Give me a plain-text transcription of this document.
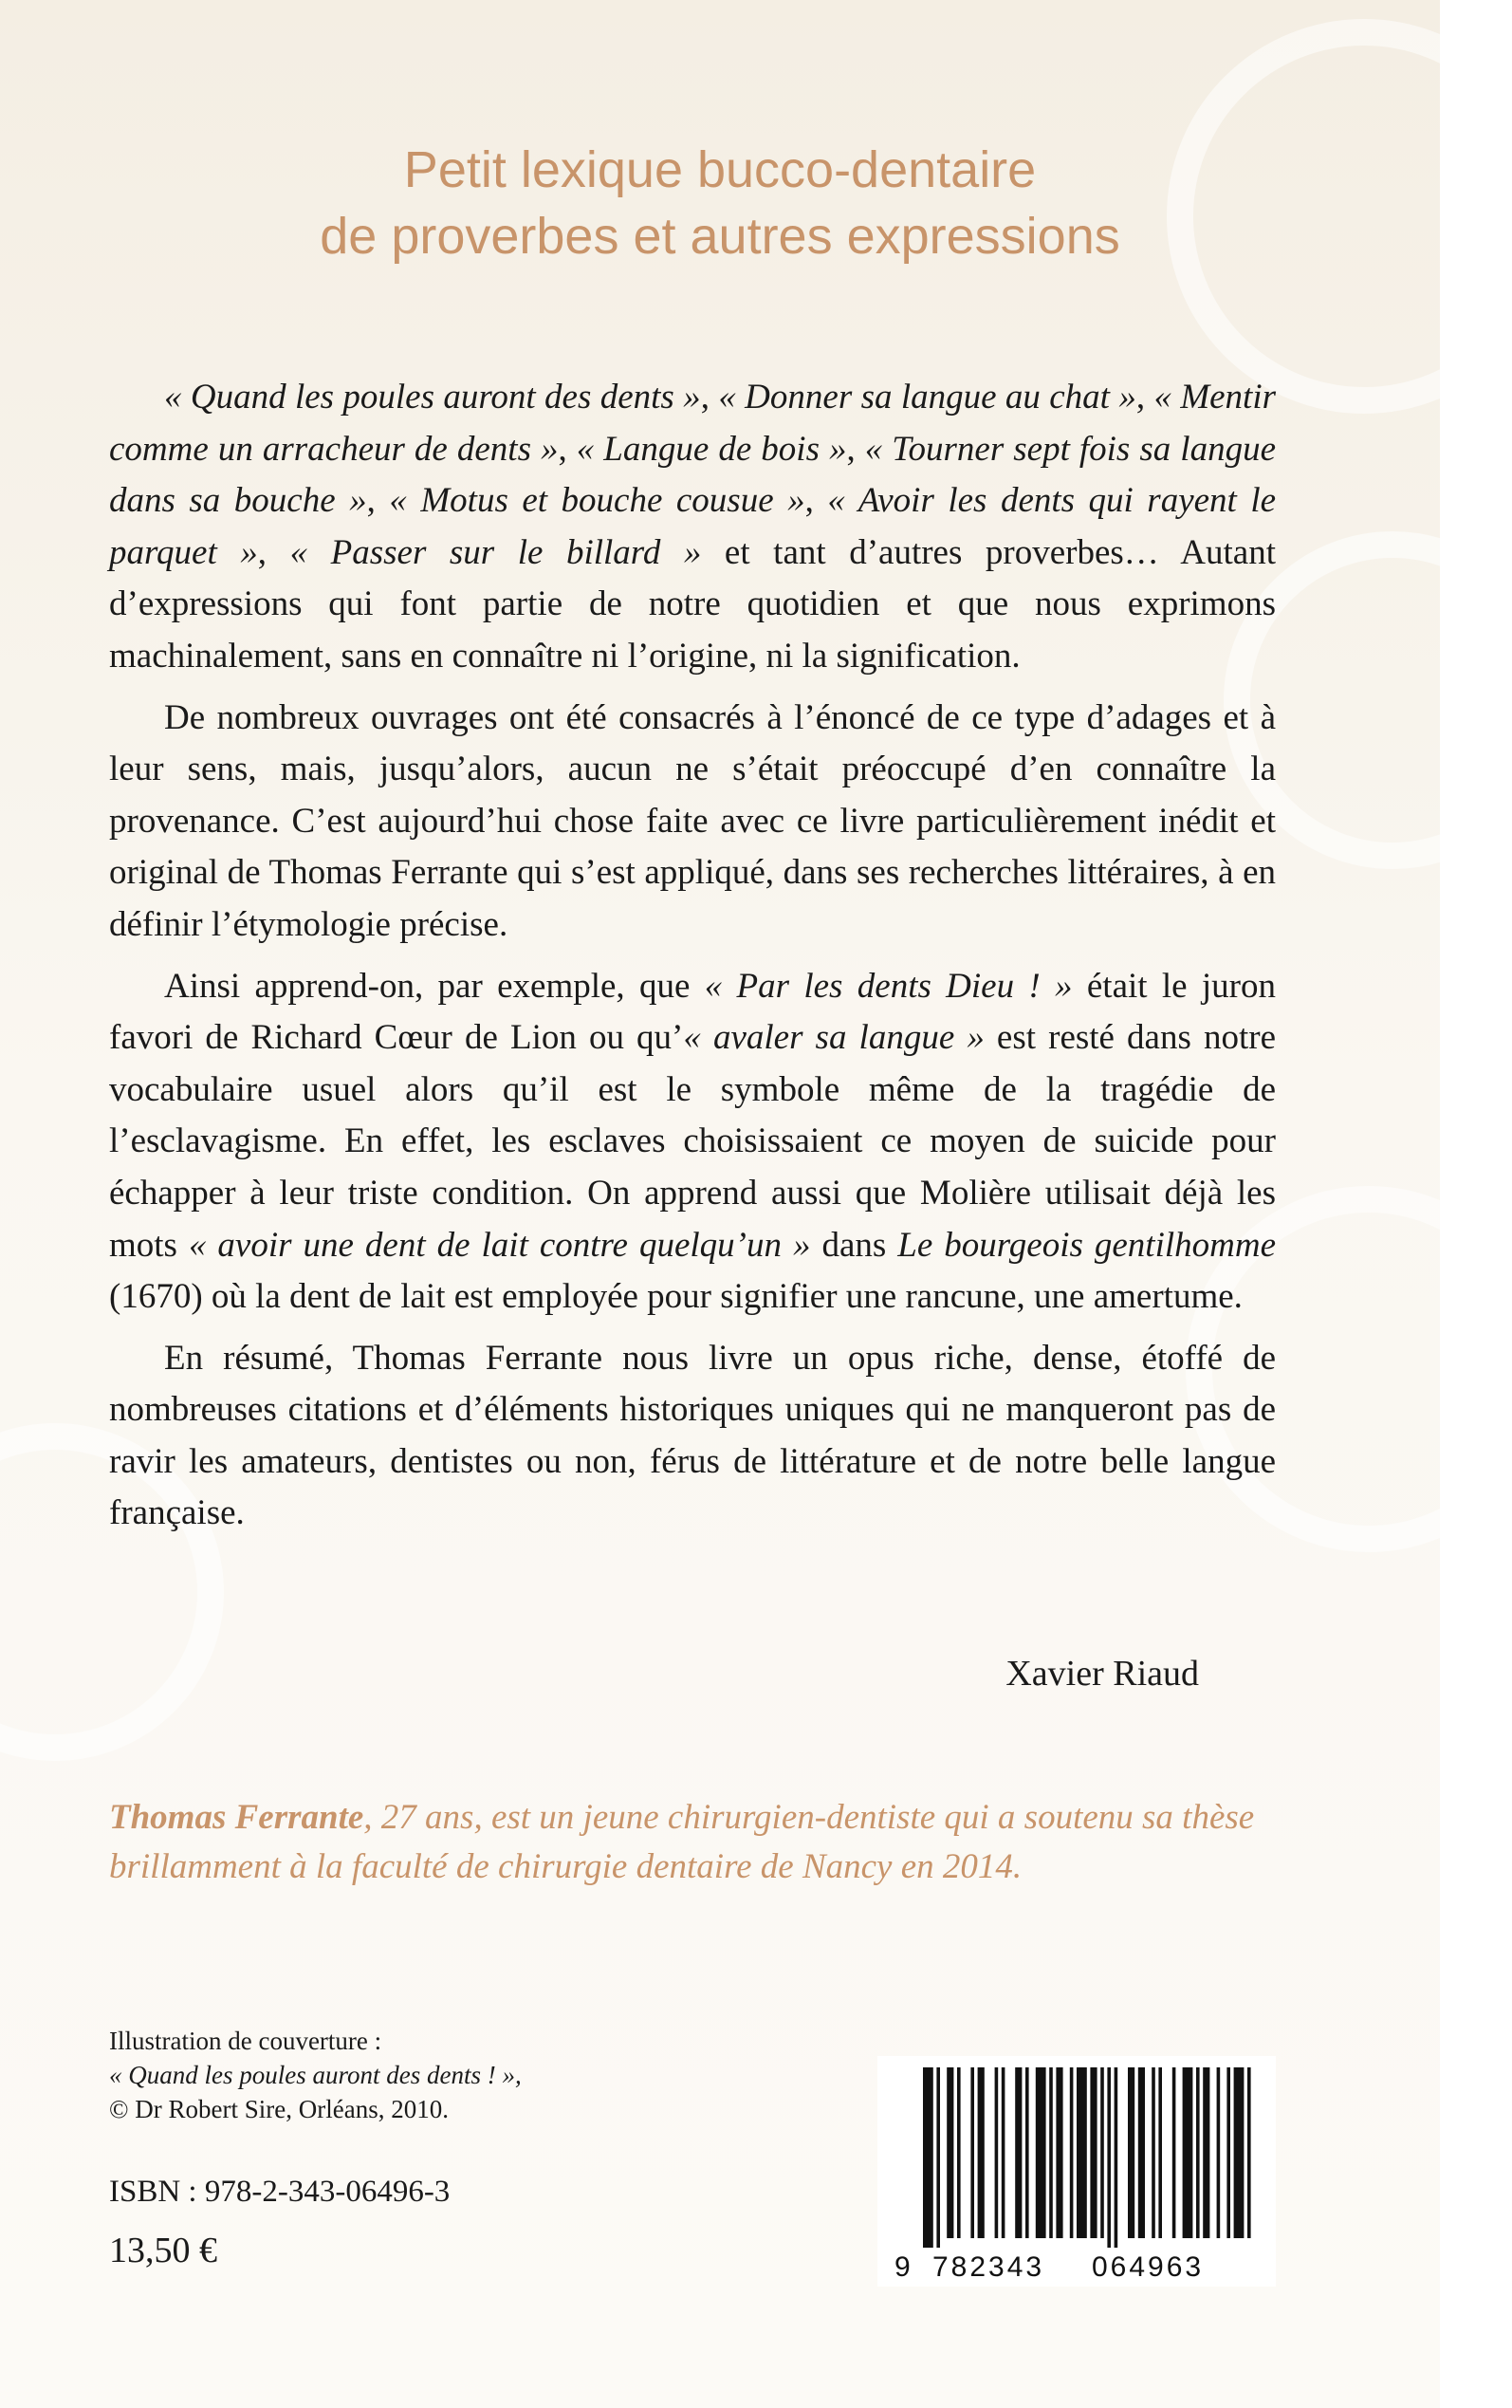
Petit lexique bucco-dentaire
de proverbes et autres expressions

« Quand les poules auront des dents », « Donner sa langue au chat », « Mentir comme un arracheur de dents », « Langue de bois », « Tourner sept fois sa langue dans sa bouche », « Motus et bouche cousue », « Avoir les dents qui rayent le parquet », « Passer sur le billard » et tant d’autres proverbes… Autant d’expressions qui font partie de notre quotidien et que nous exprimons machinalement, sans en connaître ni l’origine, ni la signification.

De nombreux ouvrages ont été consacrés à l’énoncé de ce type d’adages et à leur sens, mais, jusqu’alors, aucun ne s’était préoccupé d’en connaître la provenance. C’est aujourd’hui chose faite avec ce livre particulièrement inédit et original de Thomas Ferrante qui s’est appliqué, dans ses recherches littéraires, à en définir l’étymologie précise.

Ainsi apprend-on, par exemple, que « Par les dents Dieu ! » était le juron favori de Richard Cœur de Lion ou qu’« avaler sa langue » est resté dans notre vocabulaire usuel alors qu’il est le symbole même de la tragédie de l’esclavagisme. En effet, les esclaves choisissaient ce moyen de suicide pour échapper à leur triste condition. On apprend aussi que Molière utilisait déjà les mots « avoir une dent de lait contre quelqu’un » dans Le bourgeois gentilhomme (1670) où la dent de lait est employée pour signifier une rancune, une amertume.

En résumé, Thomas Ferrante nous livre un opus riche, dense, étoffé de nombreuses citations et d’éléments historiques uniques qui ne manqueront pas de ravir les amateurs, dentistes ou non, férus de littérature et de notre belle langue française.

Xavier Riaud
Thomas Ferrante, 27 ans, est un jeune chirurgien-dentiste qui a soutenu sa thèse brillamment à la faculté de chirurgie dentaire de Nancy en 2014.
Illustration de couverture :
« Quand les poules auront des dents ! »,
© Dr Robert Sire, Orléans, 2010.
ISBN : 978-2-343-06496-3
13,50 €	9 782343 064963
